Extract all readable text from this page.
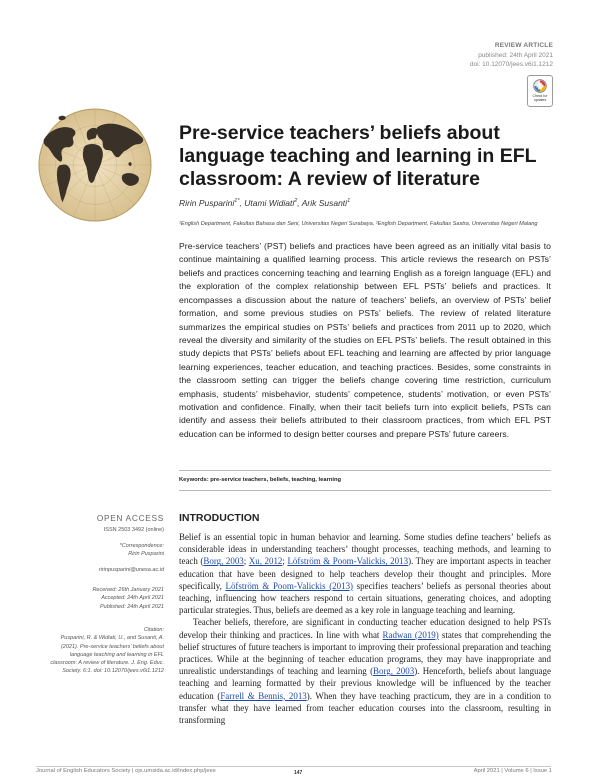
REVIEW ARTICLE
published: 24th April 2021
doi: 10.12070/jees.v6i1.1212
Check for updates
Pre-service teachers’ beliefs about language teaching and learning in EFL classroom: A review of literature
Ririn Pusparini$^{1*}$, Utami Widiati$^2$, Arik Susanti$^1$
¹English Department, Fakultas Bahasa dan Seni, Universitas Negeri Surabaya, ²English Department, Fakultas Sastra, Universitas Negeri Malang
Pre-service teachers’ (PST) beliefs and practices have been agreed as an initially vital basis to continue maintaining a qualified learning process. This article reviews the research on PSTs’ beliefs and practices concerning teaching and learning English as a foreign language (EFL) and the exploration of the complex relationship between EFL PSTs’ beliefs and practices. It encompasses a discussion about the nature of teachers’ beliefs, an overview of PSTs’ belief formation, and some previous studies on PSTs’ beliefs. The review of related literature summarizes the empirical studies on PSTs’ beliefs and practices from 2011 up to 2020, which reveal the diversity and similarity of the studies on EFL PSTs’ beliefs. The result obtained in this study depicts that PSTs’ beliefs about EFL teaching and learning are affected by prior language learning experiences, teacher education, and teaching practices. Besides, some constraints in the classroom setting can trigger the beliefs change covering time restriction, curriculum emphasis, students’ misbehavior, students’ competence, students’ motivation, or even PSTs’ motivation and confidence. Finally, when their tacit beliefs turn into explicit beliefs, PSTs can identify and assess their beliefs attributed to their classroom practices, from which EFL PST education can be informed to design better courses and prepare PSTs’ future careers.
Keywords: pre-service teachers, beliefs, teaching, learning
OPEN ACCESS
ISSN 2503 3492 (online)
*Correspondence:
Ririn Pusparini
ririnpusparini@unesa.ac.id
Received: 26th January 2021
Accepted: 24th April 2021
Published: 24th April 2021
Citation:
Pusparini, R. & Widiati, U., and Susanti, A. (2021). Pre-service teachers’ beliefs about language teaching and learning in EFL classroom: A review of literature. J. Eng. Educ. Society. 6:1. doi: 10.12070/jees.v6i1.1212
INTRODUCTION

Belief is an essential topic in human behavior and learning. Some studies define teachers’ beliefs as considerable ideas in understanding teachers’ thought processes, teaching methods, and learning to teach (Borg, 2003; Xu, 2012; Löfström & Poom-Valickis, 2013). They are important aspects in teacher education that have been designed to help teachers develop their thought and principles. More specifically, Löfström & Poom-Valickis (2013) specifies teachers’ beliefs as personal theories about teaching, influencing how teachers respond to certain situations, generating choices, and adopting particular strategies. Thus, beliefs are deemed as a key role in language teaching and learning.

Teacher beliefs, therefore, are significant in conducting teacher education designed to help PSTs develop their thinking and practices. In line with what Radwan (2019) states that comprehending the belief structures of future teachers is important to improving their professional preparation and teaching practices. While at the beginning of teacher education programs, they may have inappropriate and unrealistic understandings of teaching and learning (Borg, 2003). Henceforth, beliefs about language teaching and learning formatted by their previous knowledge will be influenced by the teacher education (Farrell & Bennis, 2013). When they have teaching practicum, they are in a condition to transfer what they have learned from teacher education courses into the classroom, resulting in transforming

Journal of English Educators Society | ojs.umsida.ac.id/index.php/jees	147	April 2021 | Volume 6 | Issue 1
